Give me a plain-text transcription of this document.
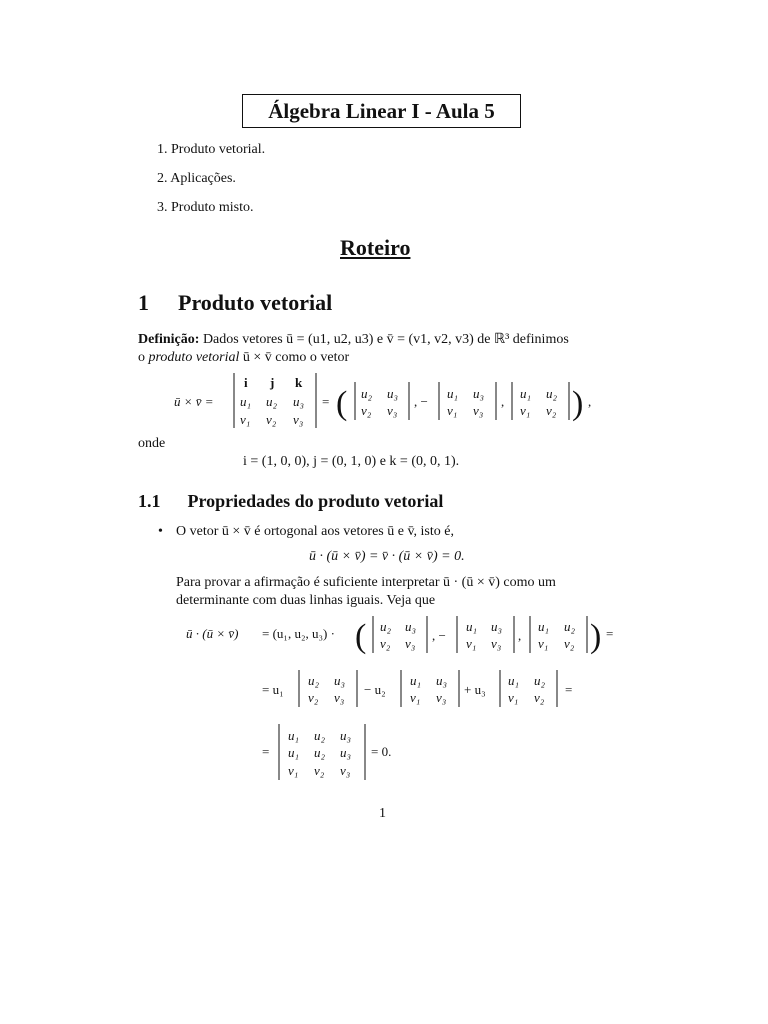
Álgebra Linear I - Aula 5
1. Produto vetorial.
2. Aplicações.
3. Produto misto.
Roteiro
1 Produto vetorial
Definição: Dados vetores ū = (u1, u2, u3) e v̄ = (v1, v2, v3) de ℝ³ definimos
o produto vetorial ū × v̄ como o vetor
ū × v̄ =
i j k
u₁ u₂ u₃
v₁ v₂ v₃
= ( u₂ u₃
v₂ v₃
, −
u₁ u₃
v₁ v₃
,
u₁ u₂
v₁ v₂ ) ,
ū · (ū × v̄) = (u₁, u₂, u₃) · ( u₂ u₃
v₂ v₃
, −
u₁ u₃
v₁ v₃
,
u₁ u₂
v₁ v₂ ) =
= u₁
u₂ u₃
v₂ v₃
− u₂
u₁ u₃
v₁ v₃
+ u₃
u₁ u₂
v₁ v₂
=
=
u₁ u₂ u₃
u₁ u₂ u₃
v₁ v₂ v₃
= 0.
onde
i = (1, 0, 0), j = (0, 1, 0) e k = (0, 0, 1).
1.1 Propriedades do produto vetorial
• O vetor ū × v̄ é ortogonal aos vetores ū e v̄, isto é,
ū · (ū × v̄) = v̄ · (ū × v̄) = 0.
Para provar a afirmação é suficiente interpretar ū · (ū × v̄) como um
determinante com duas linhas iguais. Veja que
1
